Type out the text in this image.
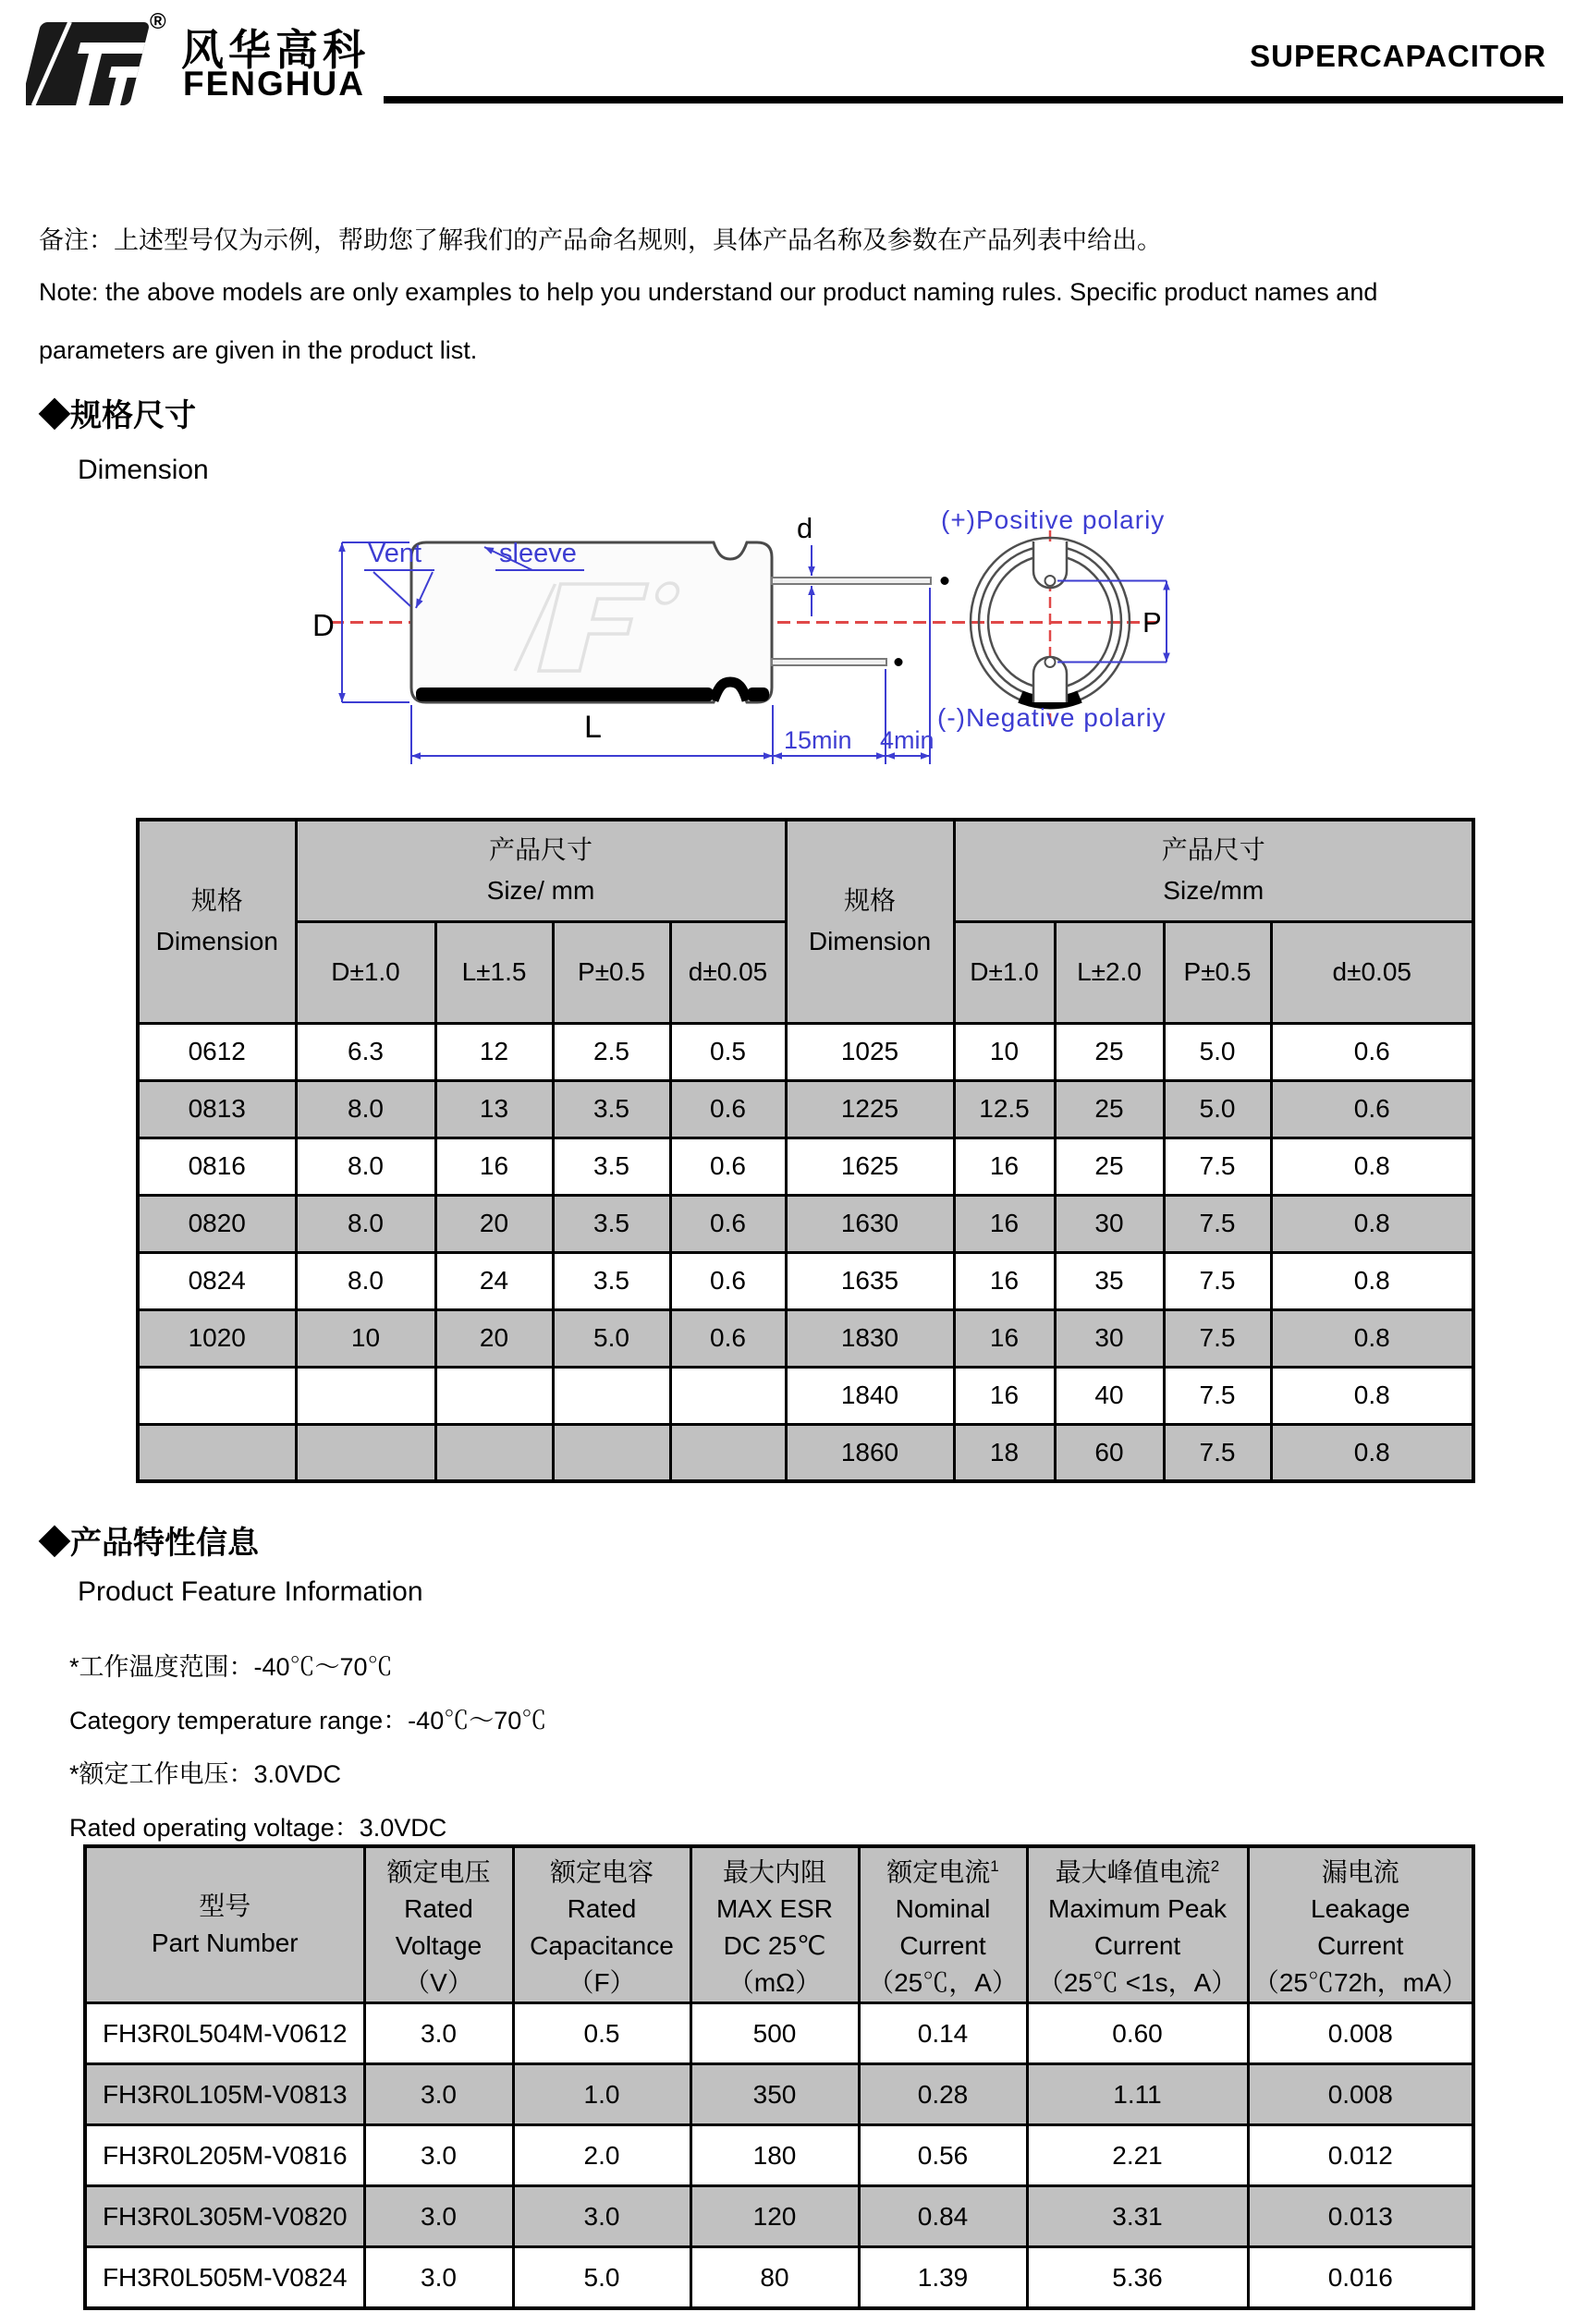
®
风华高科
FENGHUA
SUPERCAPACITOR
备注：上述型号仅为示例，帮助您了解我们的产品命名规则，具体产品名称及参数在产品列表中给出。
Note: the above models are only examples to help you understand our product naming rules. Specific product names and
parameters are given in the product list.
◆规格尺寸
Dimension
Vent	sleeve
D
d
L	15min 4min
P
(+)Positive polariy
(-)Negative polariy
规格
Dimension

产品尺寸
Size/ mm	规格
Dimension

产品尺寸
Size/mm

	D±1.0	L±1.5	P±0.5	d±0.05		D±1.0	L±2.0	P±0.5	d±0.05
0612	6.3	12	2.5	0.5	1025	10	25	5.0	0.6
0813	8.0	13	3.5	0.6	1225	12.5	25	5.0	0.6
0816	8.0	16	3.5	0.6	1625	16	25	7.5	0.8
0820	8.0	20	3.5	0.6	1630	16	30	7.5	0.8
0824	8.0	24	3.5	0.6	1635	16	35	7.5	0.8
1020	10	20	5.0	0.6	1830	16	30	7.5	0.8
					1840	16	40	7.5	0.8
					1860	18	60	7.5	0.8
◆产品特性信息
Product Feature Information
*工作温度范围：-40℃～70℃
Category temperature range：-40℃～70℃
*额定工作电压：3.0VDC
Rated operating voltage：3.0VDC
型号
Part Number

额定电压
Rated
Voltage
（V）

额定电容
Rated
Capacitance
（F）

最大内阻
MAX ESR
DC 25℃
（mΩ）

额定电流$^1$
Nominal
Current
（25℃，A）

最大峰值电流$^2$
Maximum Peak
Current
（25℃ <1s，A）

漏电流
Leakage
Current
（25℃72h，mA）

FH3R0L504M-V0612	3.0	0.5	500	0.14	0.60	0.008
FH3R0L105M-V0813	3.0	1.0	350	0.28	1.11	0.008
FH3R0L205M-V0816	3.0	2.0	180	0.56	2.21	0.012
FH3R0L305M-V0820	3.0	3.0	120	0.84	3.31	0.013
FH3R0L505M-V0824	3.0	5.0	80	1.39	5.36	0.016
